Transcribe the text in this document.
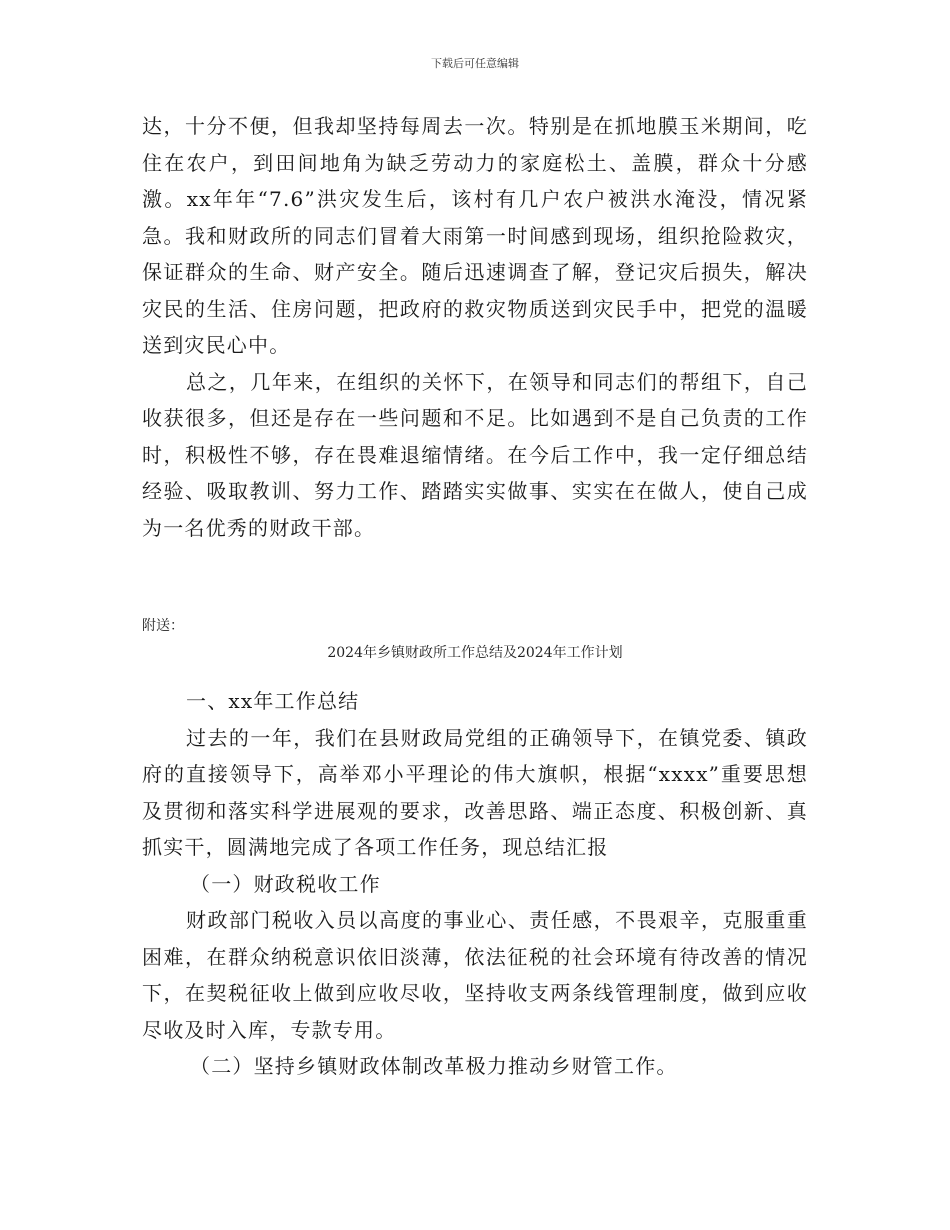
下载后可任意编辑

达，十分不便，但我却坚持每周去一次。特别是在抓地膜玉米期间，吃住在农户，到田间地角为缺乏劳动力的家庭松土、盖膜，群众十分感激。xx年年“7.6”洪灾发生后，该村有几户农户被洪水淹没，情况紧急。我和财政所的同志们冒着大雨第一时间感到现场，组织抢险救灾，保证群众的生命、财产安全。随后迅速调查了解，登记灾后损失，解决灾民的生活、住房问题，把政府的救灾物质送到灾民手中，把党的温暖送到灾民心中。

总之，几年来，在组织的关怀下，在领导和同志们的帮组下，自己收获很多，但还是存在一些问题和不足。比如遇到不是自己负责的工作时，积极性不够，存在畏难退缩情绪。在今后工作中，我一定仔细总结经验、吸取教训、努力工作、踏踏实实做事、实实在在做人，使自己成为一名优秀的财政干部。

附送：
2024年乡镇财政所工作总结及2024年工作计划

一、xx年工作总结

过去的一年，我们在县财政局党组的正确领导下，在镇党委、镇政府的直接领导下，高举邓小平理论的伟大旗帜，根据“xxxx”重要思想及贯彻和落实科学进展观的要求，改善思路、端正态度、积极创新、真抓实干，圆满地完成了各项工作任务，现总结汇报

（一）财政税收工作

财政部门税收入员以高度的事业心、责任感，不畏艰辛，克服重重困难，在群众纳税意识依旧淡薄，依法征税的社会环境有待改善的情况下，在契税征收上做到应收尽收，坚持收支两条线管理制度，做到应收尽收及时入库，专款专用。

（二）坚持乡镇财政体制改革极力推动乡财管工作。
